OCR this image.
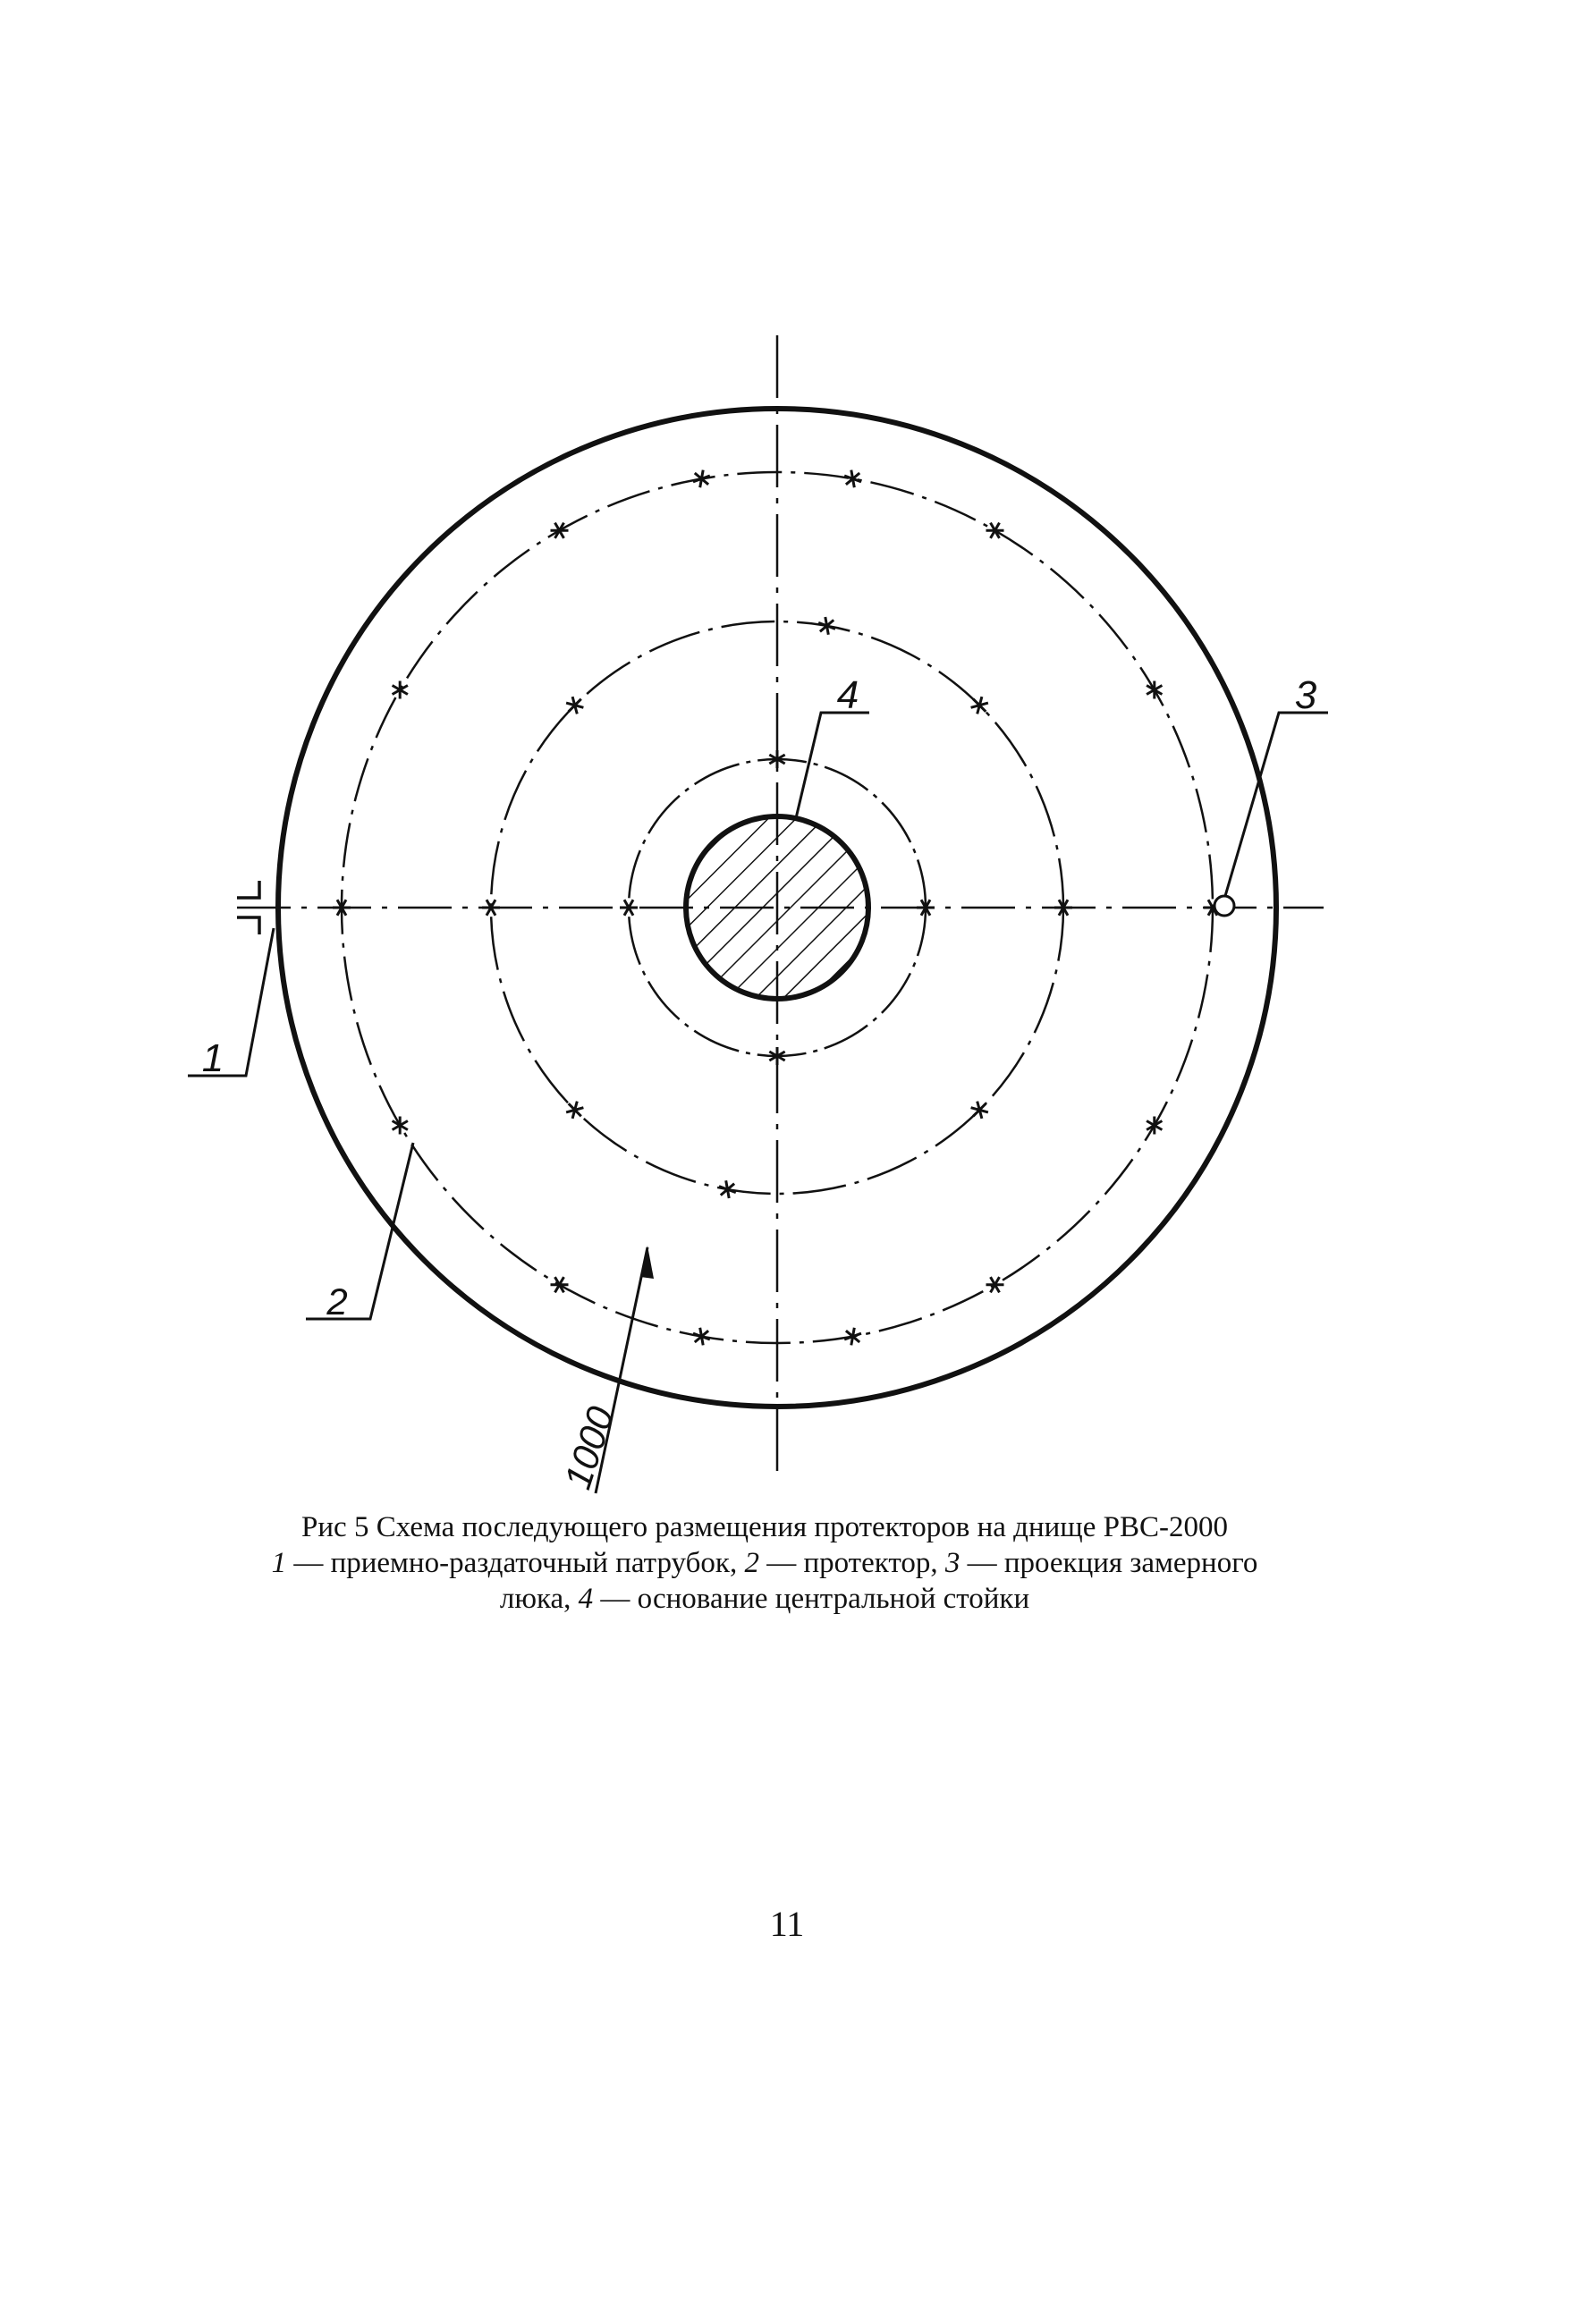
1
2
3
4
1000
Рис 5 Схема последующего размещения протекторов на днище РВС-2000
1 — приемно-раздаточный патрубок, 2 — протектор, 3 — проекция замерного
люка, 4 — основание центральной стойки
11
